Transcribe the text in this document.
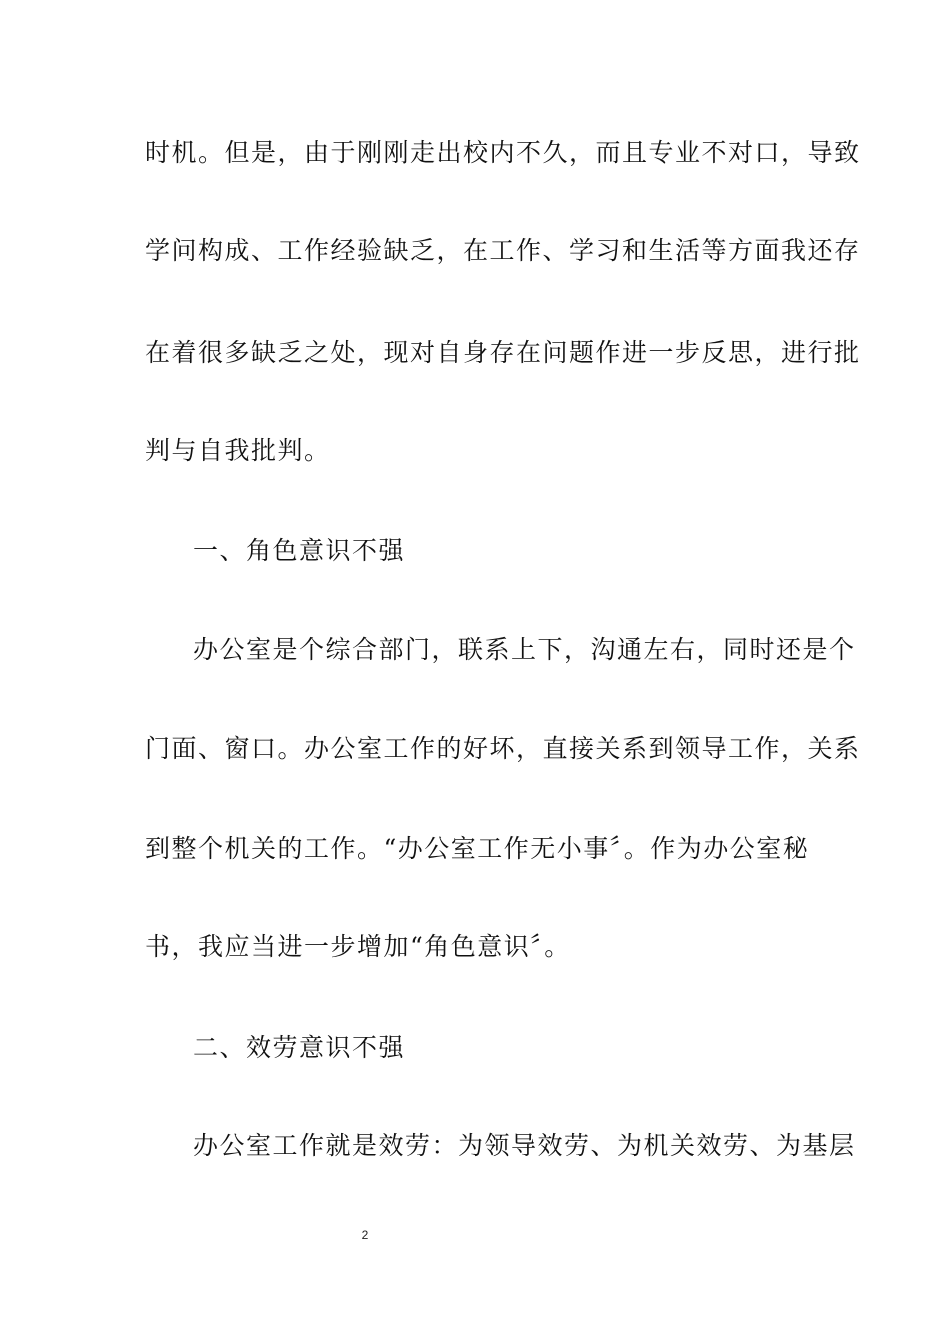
时机。但是，由于刚刚走出校内不久，而且专业不对口，导致
学问构成、工作经验缺乏，在工作、学习和生活等方面我还存
在着很多缺乏之处，现对自身存在问题作进一步反思，进行批
判与自我批判。
一、角色意识不强
办公室是个综合部门，联系上下，沟通左右，同时还是个
门面、窗口。办公室工作的好坏，直接关系到领导工作，关系
到整个机关的工作。“办公室工作无小事〞。作为办公室秘
书，我应当进一步增加“角色意识〞。
二、效劳意识不强
办公室工作就是效劳：为领导效劳、为机关效劳、为基层
2
